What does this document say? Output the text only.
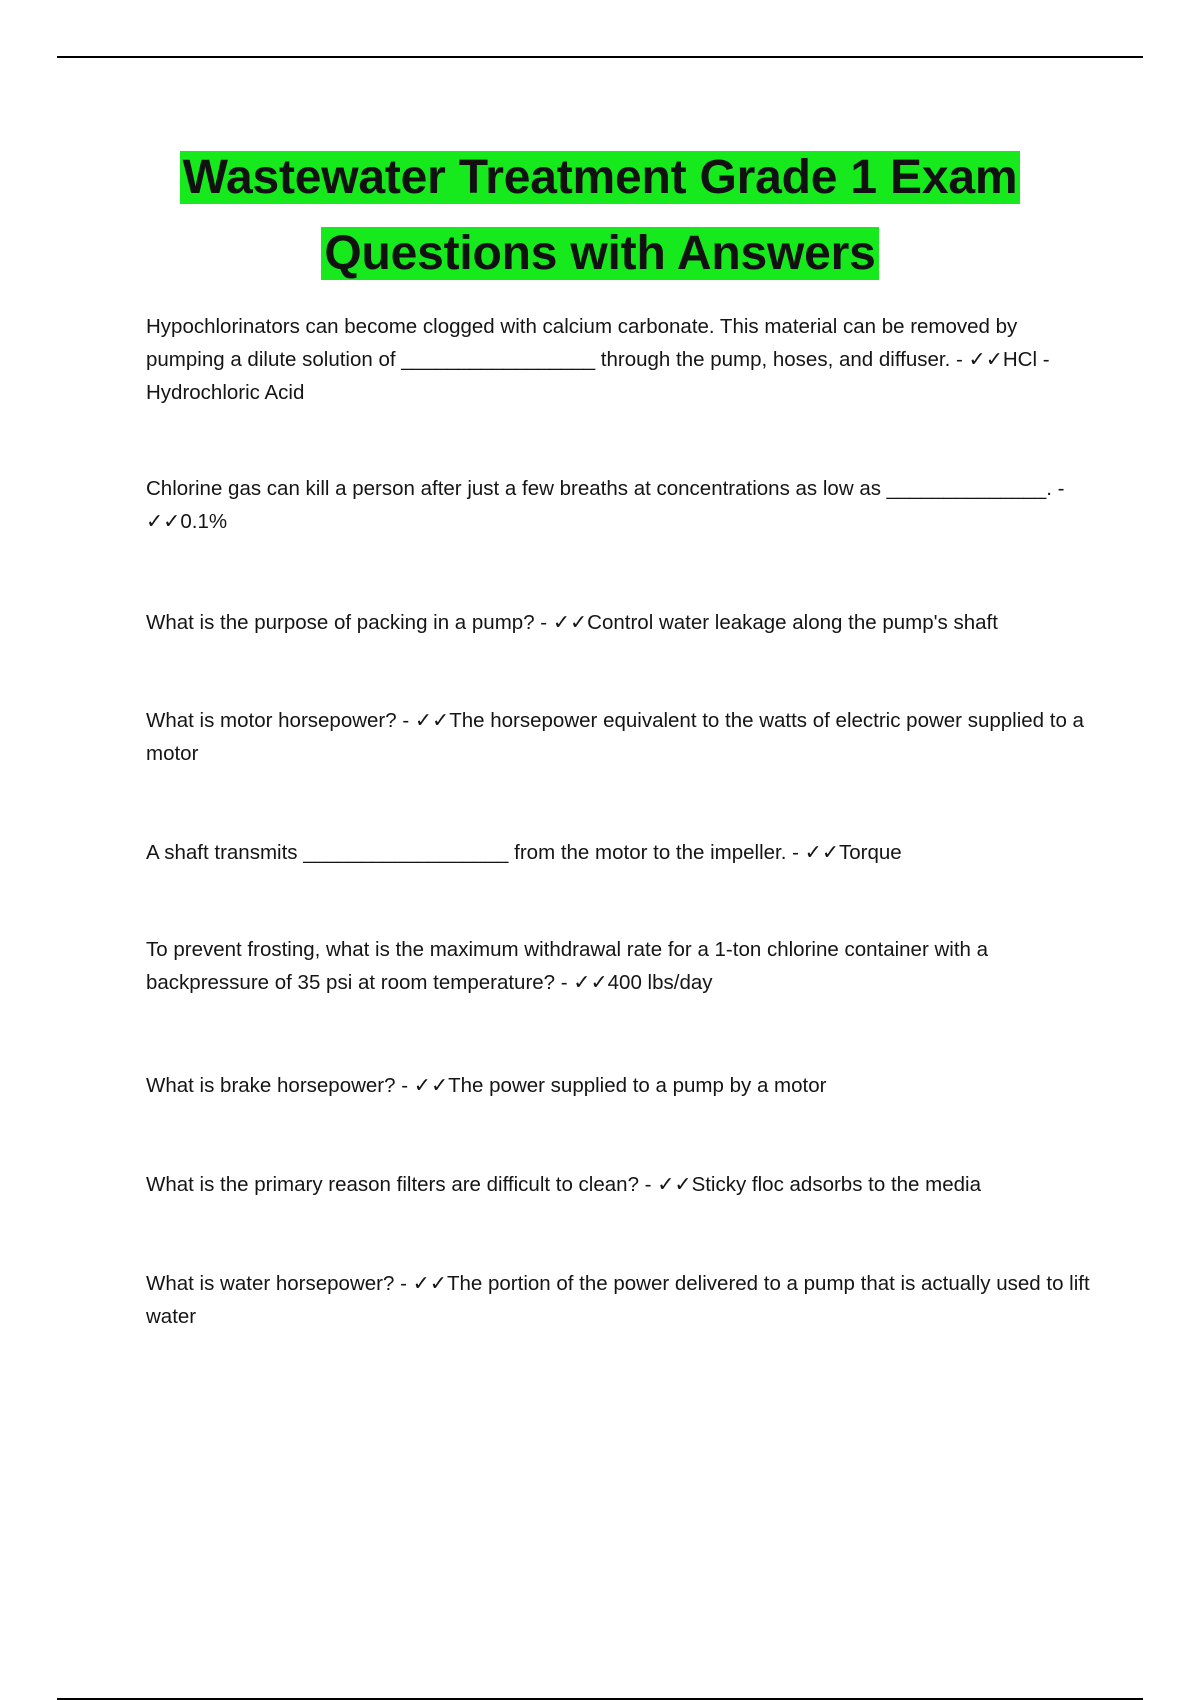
Wastewater Treatment Grade 1 Exam
Questions with Answers

Hypochlorinators can become clogged with calcium carbonate. This material can be removed by pumping a dilute solution of _________________ through the pump, hoses, and diffuser. - ✓✓HCl - Hydrochloric Acid

Chlorine gas can kill a person after just a few breaths at concentrations as low as ______________. - ✓✓0.1%

What is the purpose of packing in a pump? - ✓✓Control water leakage along the pump's shaft

What is motor horsepower? - ✓✓The horsepower equivalent to the watts of electric power supplied to a motor

A shaft transmits __________________ from the motor to the impeller. - ✓✓Torque

To prevent frosting, what is the maximum withdrawal rate for a 1-ton chlorine container with a backpressure of 35 psi at room temperature? - ✓✓400 lbs/day

What is brake horsepower? - ✓✓The power supplied to a pump by a motor

What is the primary reason filters are difficult to clean? - ✓✓Sticky floc adsorbs to the media

What is water horsepower? - ✓✓The portion of the power delivered to a pump that is actually used to lift water
